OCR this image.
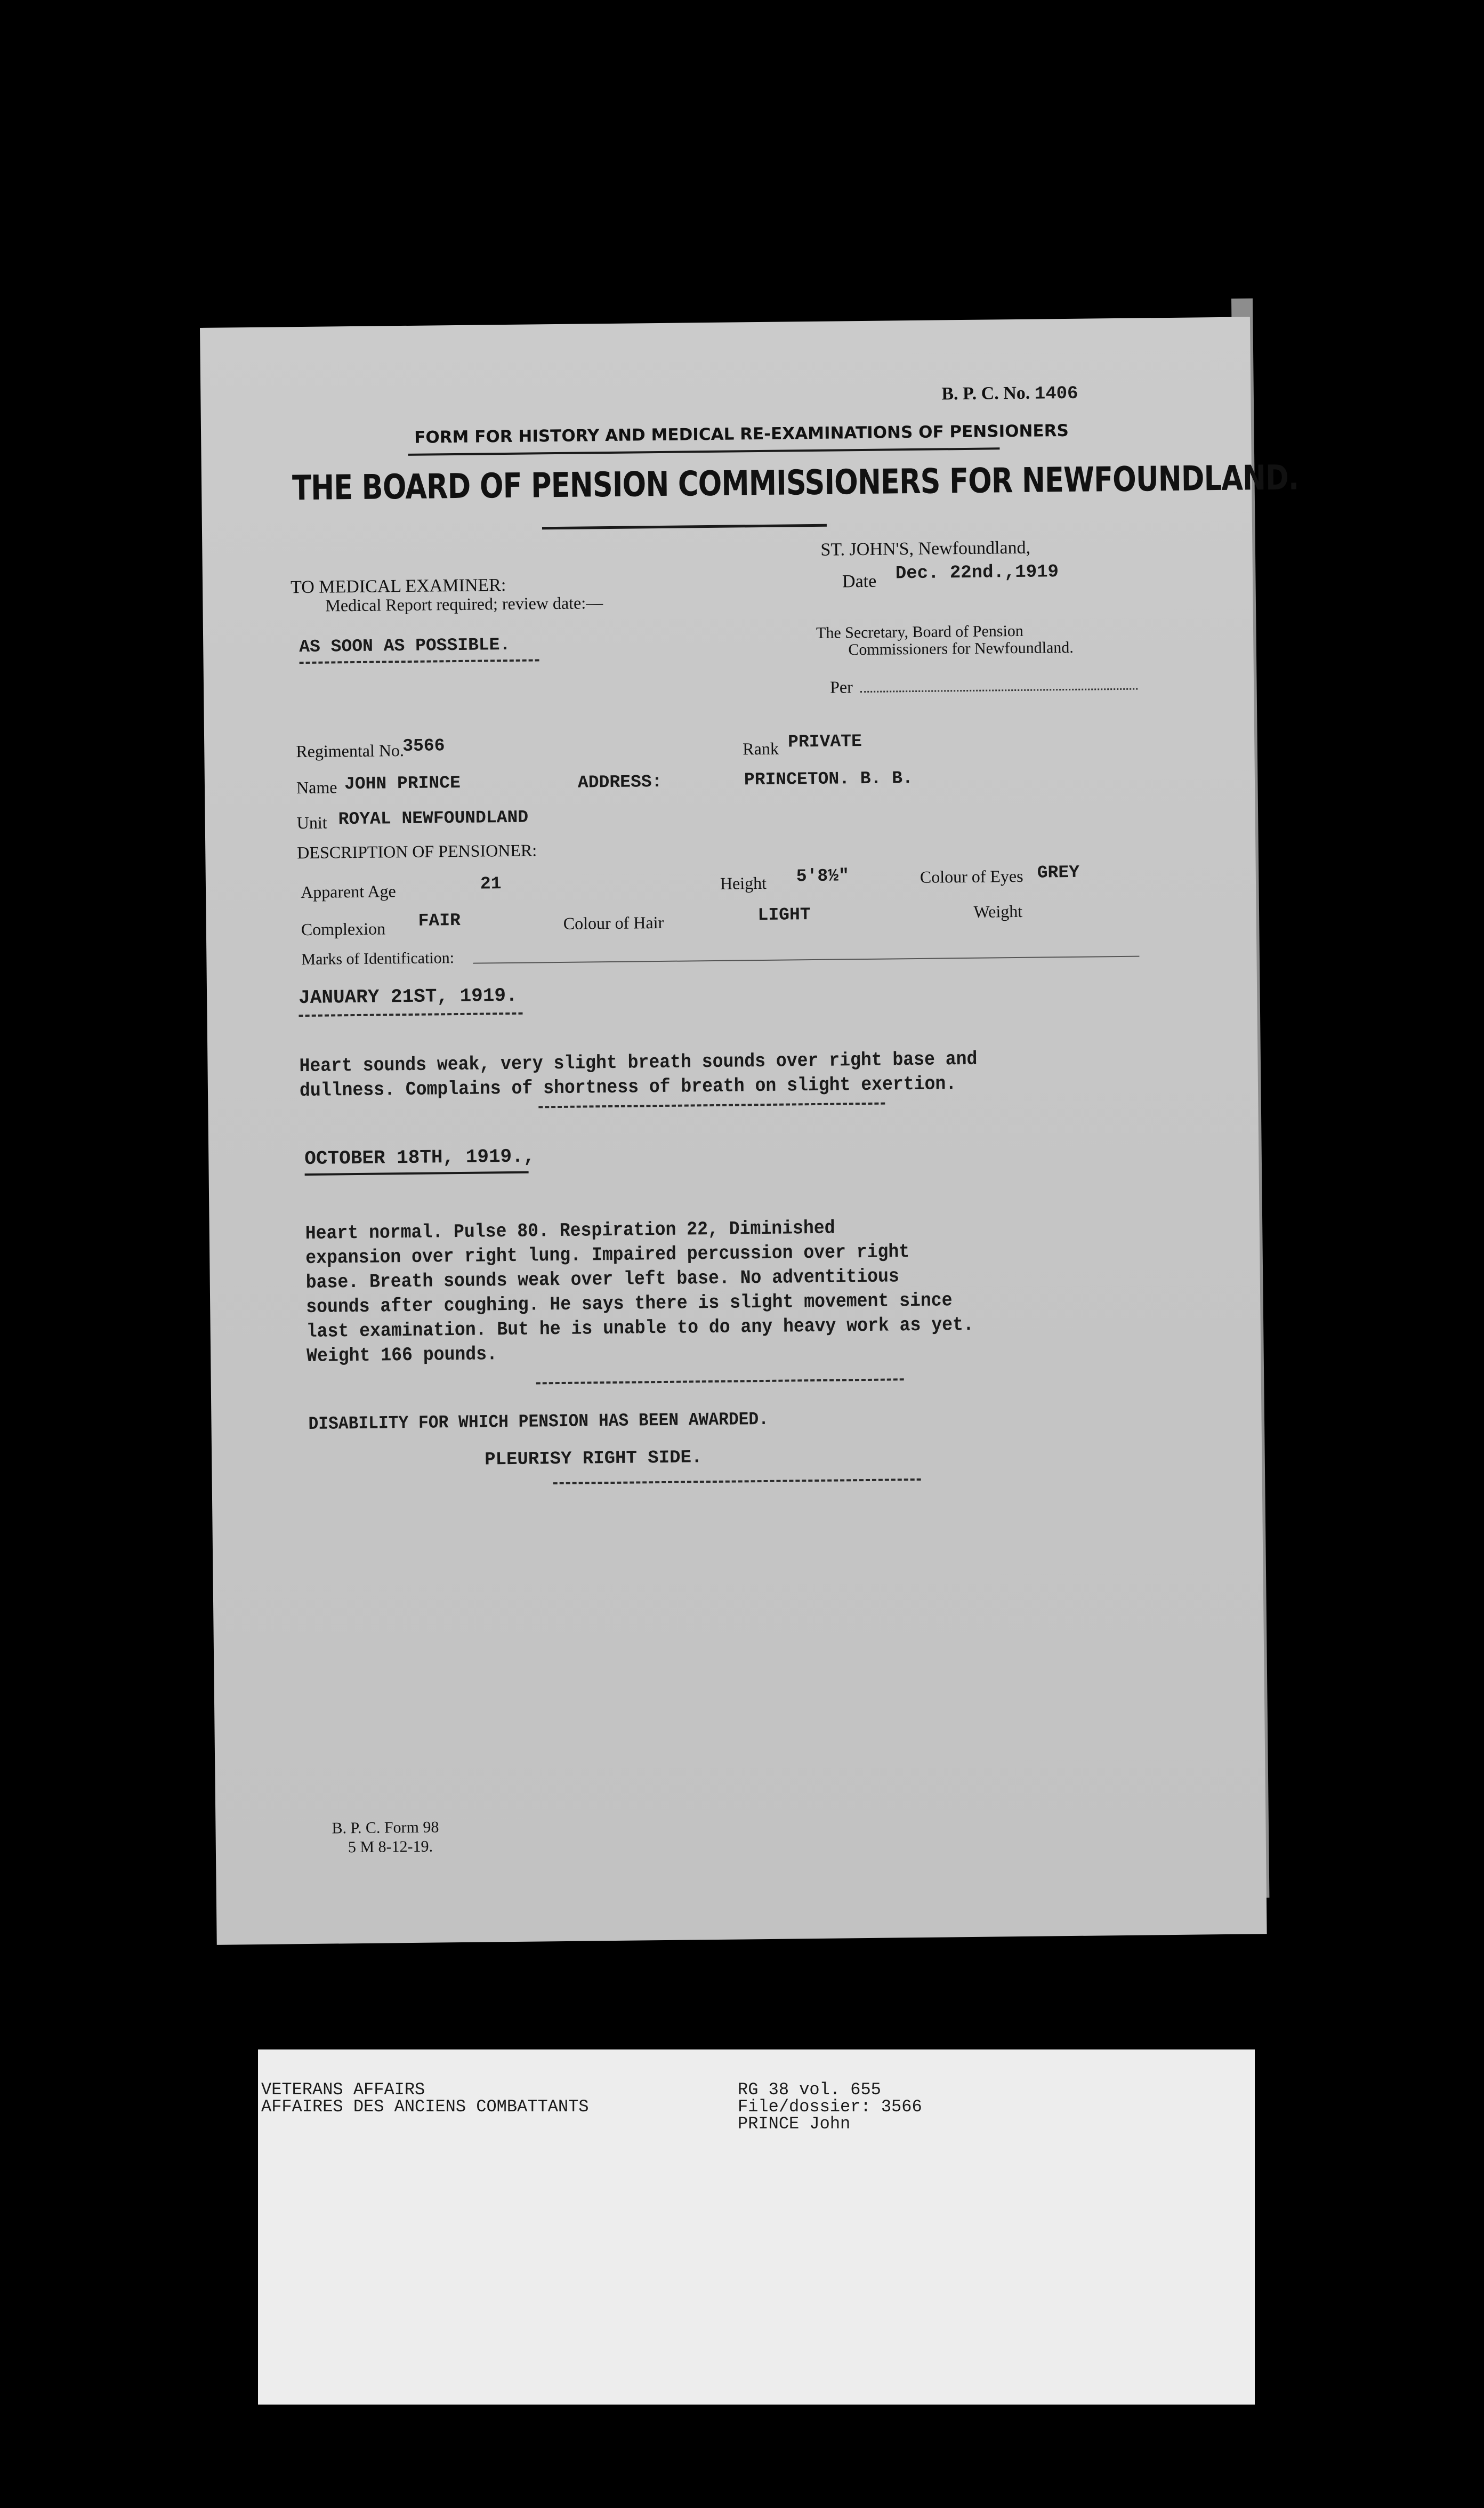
B. P. C. No. 1406
FORM FOR HISTORY AND MEDICAL RE-EXAMINATIONS OF PENSIONERS
THE BOARD OF PENSION COMMISSIONERS FOR NEWFOUNDLAND.
ST. JOHN'S, Newfoundland,
Date Dec. 22nd.,1919
TO MEDICAL EXAMINER:
Medical Report required; review date:—
AS SOON AS POSSIBLE.
The Secretary, Board of Pension
Commissioners for Newfoundland.
Per
Regimental No.
3566	Rank PRIVATE
Name JOHN PRINCE	ADDRESS:	PRINCETON. B. B.
Unit ROYAL NEWFOUNDLAND
DESCRIPTION OF PENSIONER:
Apparent Age	21	Height 5'8½"	Colour of Eyes GREY
Complexion FAIR	Colour of Hair	LIGHT	Weight
Marks of Identification:
JANUARY 21ST, 1919.
Heart sounds weak, very slight breath sounds over right base and
dullness. Complains of shortness of breath on slight exertion.
OCTOBER 18TH, 1919.,
Heart normal. Pulse 80. Respiration 22, Diminished
expansion over right lung. Impaired percussion over right
base. Breath sounds weak over left base. No adventitious
sounds after coughing. He says there is slight movement since
last examination. But he is unable to do any heavy work as yet.
Weight 166 pounds.
DISABILITY FOR WHICH PENSION HAS BEEN AWARDED.
PLEURISY RIGHT SIDE.
B. P. C. Form 98
5 M 8-12-19.
VETERANS AFFAIRS
AFFAIRES DES ANCIENS COMBATTANTS
RG 38 vol. 655
File/dossier: 3566
PRINCE John
